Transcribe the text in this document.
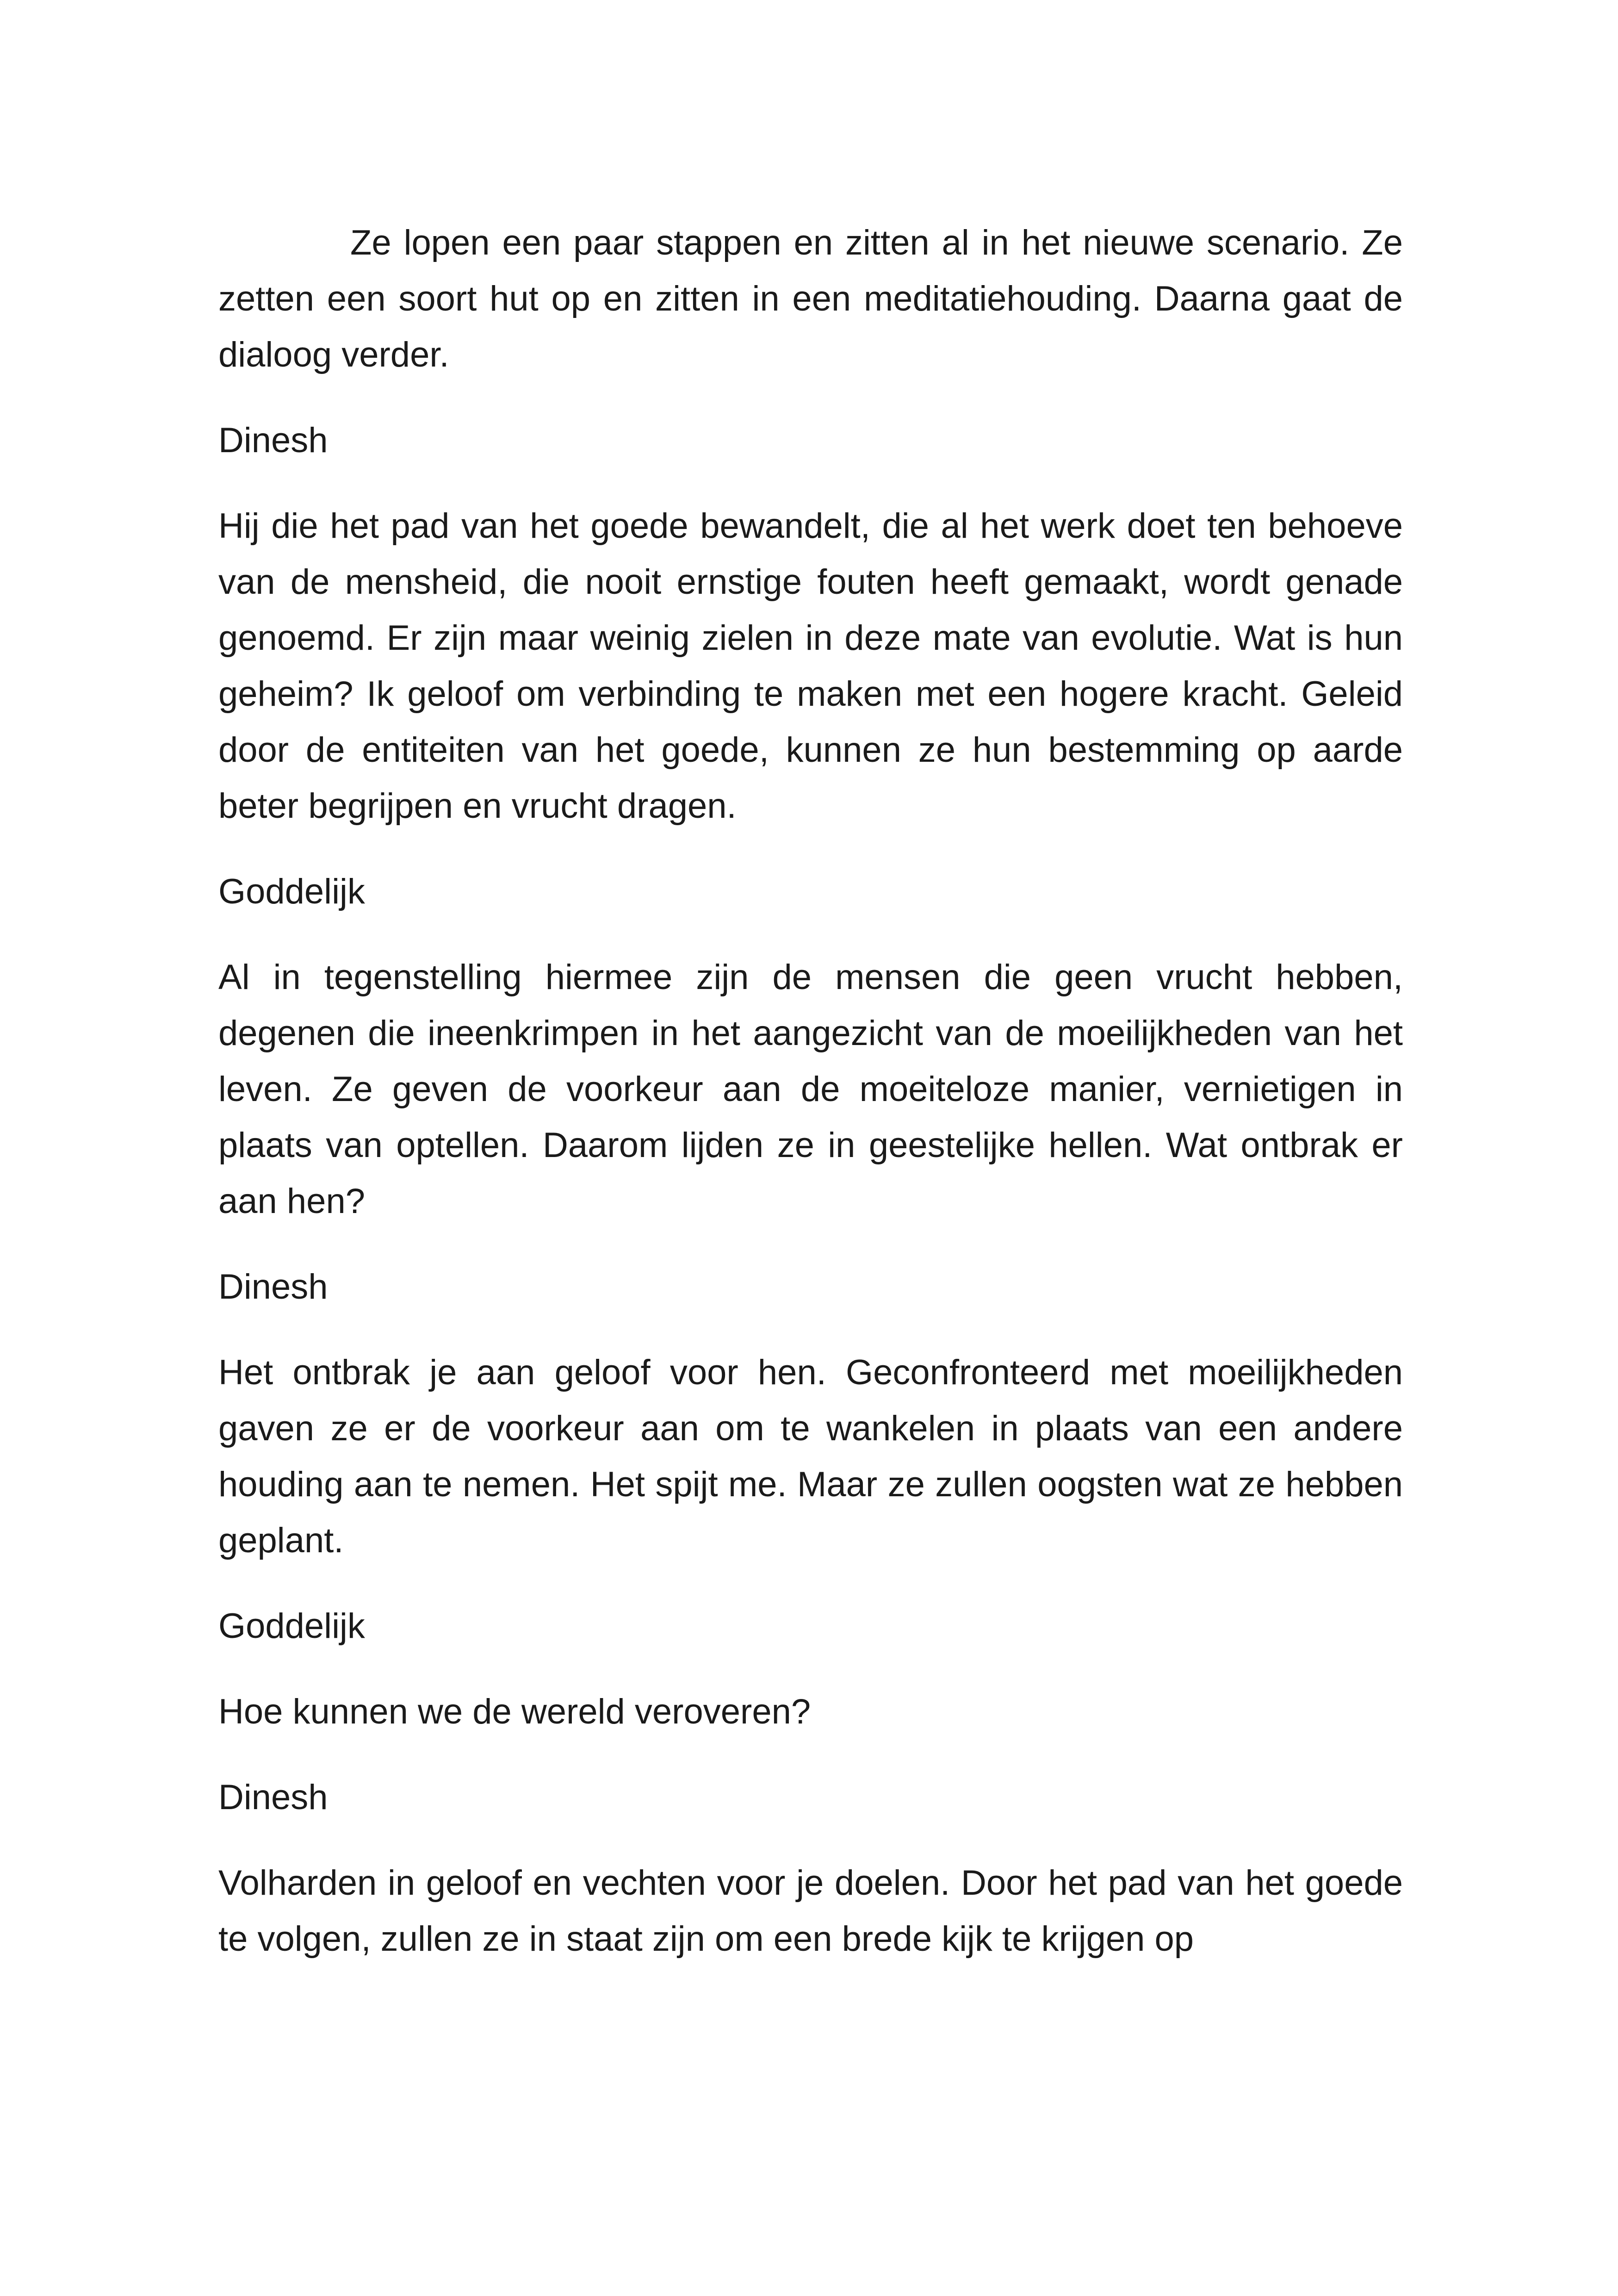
Ze lopen een paar stappen en zitten al in het nieuwe scenario. Ze zetten een soort hut op en zitten in een meditatiehouding. Daarna gaat de dialoog verder.

Dinesh

Hij die het pad van het goede bewandelt, die al het werk doet ten behoeve van de mensheid, die nooit ernstige fouten heeft gemaakt, wordt genade genoemd. Er zijn maar weinig zielen in deze mate van evolutie. Wat is hun geheim? Ik geloof om verbinding te maken met een hogere kracht. Geleid door de entiteiten van het goede, kunnen ze hun bestemming op aarde beter begrijpen en vrucht dragen.

Goddelijk

Al in tegenstelling hiermee zijn de mensen die geen vrucht hebben, degenen die ineenkrimpen in het aangezicht van de moeilijkheden van het leven. Ze geven de voorkeur aan de moeiteloze manier, vernietigen in plaats van optellen. Daarom lijden ze in geestelijke hellen. Wat ontbrak er aan hen?

Dinesh

Het ontbrak je aan geloof voor hen. Geconfronteerd met moeilijkheden gaven ze er de voorkeur aan om te wankelen in plaats van een andere houding aan te nemen. Het spijt me. Maar ze zullen oogsten wat ze hebben geplant.

Goddelijk

Hoe kunnen we de wereld veroveren?

Dinesh

Volharden in geloof en vechten voor je doelen. Door het pad van het goede te volgen, zullen ze in staat zijn om een brede kijk te krijgen op
